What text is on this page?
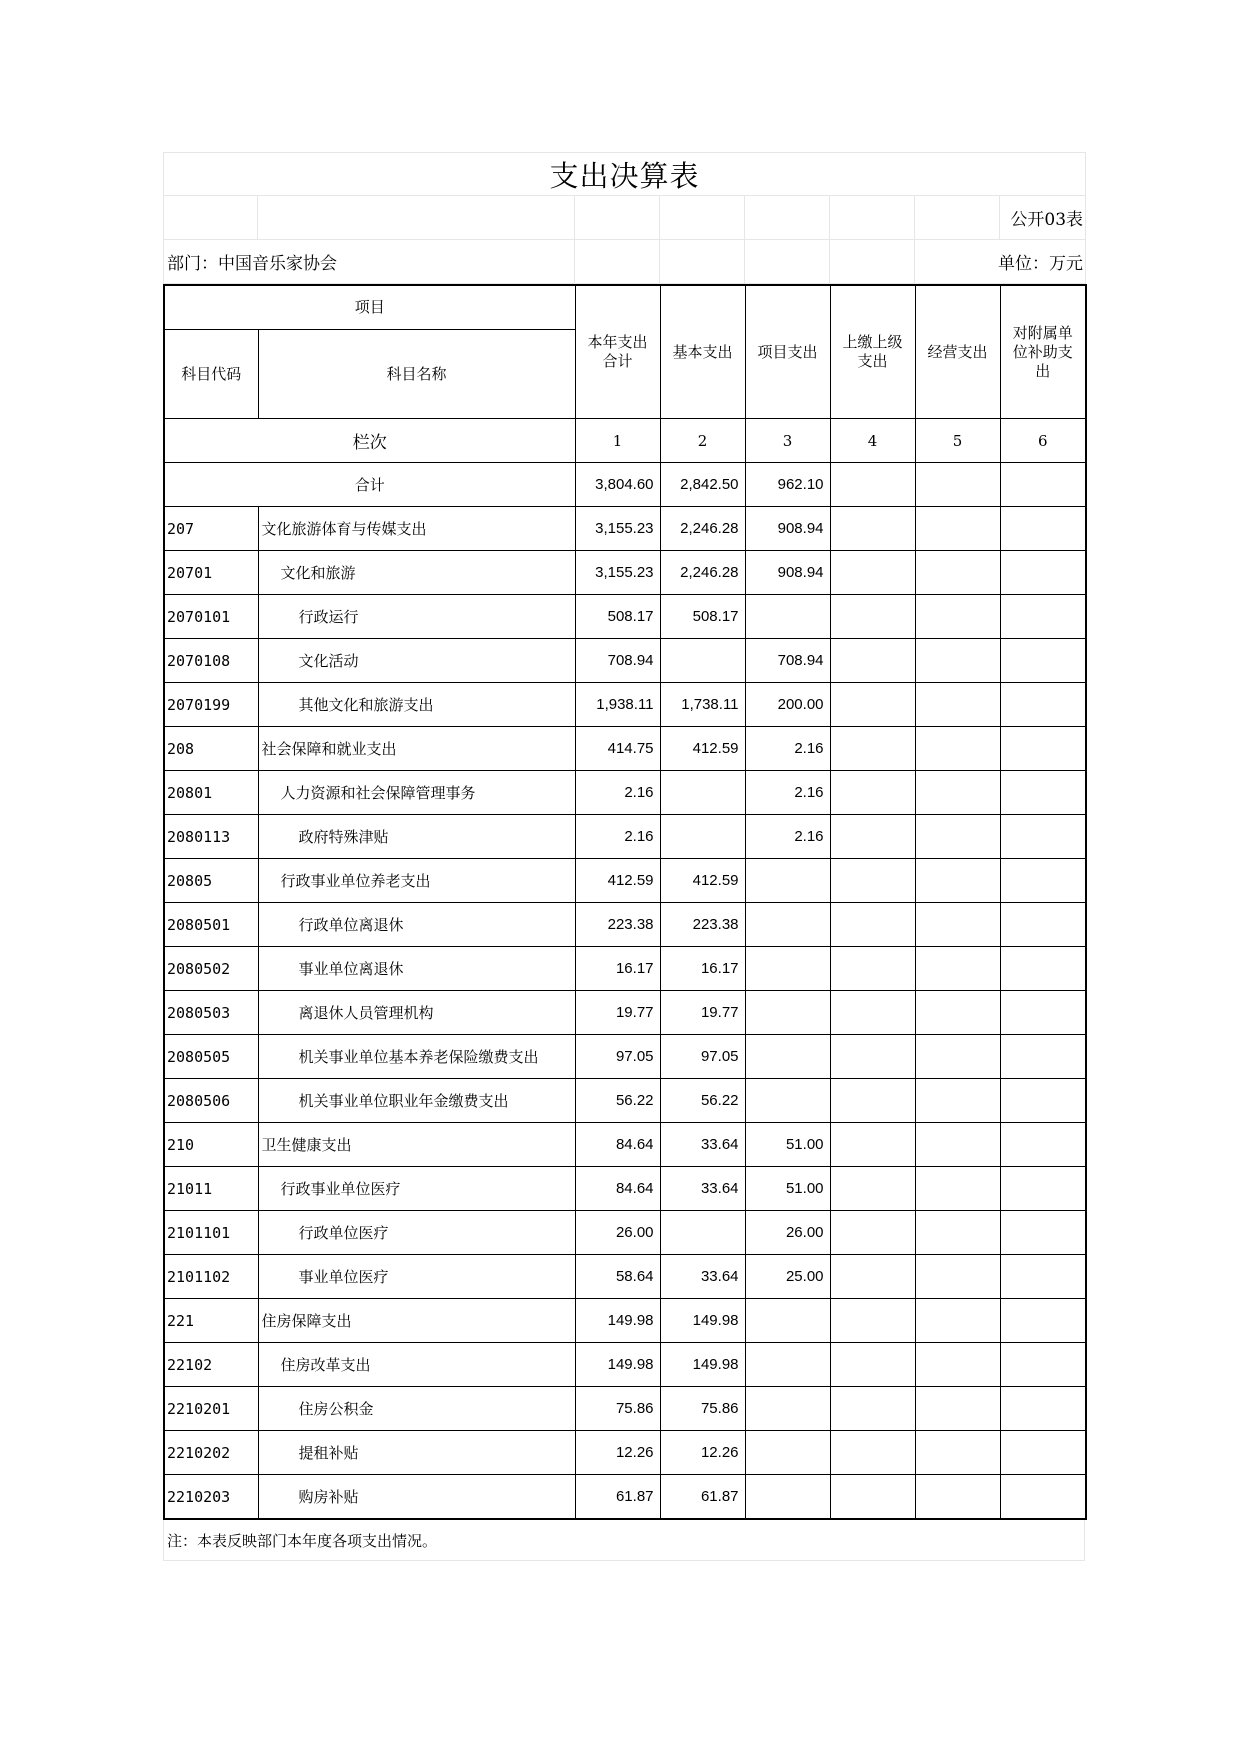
支出决算表							
							公开03表
部门：中国音乐家协会						单位：万元	
项目		本年支出合计	基本支出	项目支出	上缴上级支出	经营支出	对附属单位补助支出
科目代码	科目名称						
栏次		1	2	3	4	5	6
合计		3,804.60	2,842.50	962.10			
207	文化旅游体育与传媒支出	3,155.23	2,246.28	908.94			
20701	文化和旅游	3,155.23	2,246.28	908.94			
2070101	行政运行	508.17	508.17				
2070108	文化活动	708.94		708.94			
2070199	其他文化和旅游支出	1,938.11	1,738.11	200.00			
208	社会保障和就业支出	414.75	412.59	2.16			
20801	人力资源和社会保障管理事务	2.16		2.16			
2080113	政府特殊津贴	2.16		2.16			
20805	行政事业单位养老支出	412.59	412.59				
2080501	行政单位离退休	223.38	223.38				
2080502	事业单位离退休	16.17	16.17				
2080503	离退休人员管理机构	19.77	19.77				
2080505	机关事业单位基本养老保险缴费支出	97.05	97.05				
2080506	机关事业单位职业年金缴费支出	56.22	56.22				
210	卫生健康支出	84.64	33.64	51.00			
21011	行政事业单位医疗	84.64	33.64	51.00			
2101101	行政单位医疗	26.00		26.00			
2101102	事业单位医疗	58.64	33.64	25.00			
221	住房保障支出	149.98	149.98				
22102	住房改革支出	149.98	149.98				
2210201	住房公积金	75.86	75.86				
2210202	提租补贴	12.26	12.26				
2210203	购房补贴	61.87	61.87				
注：本表反映部门本年度各项支出情况。
